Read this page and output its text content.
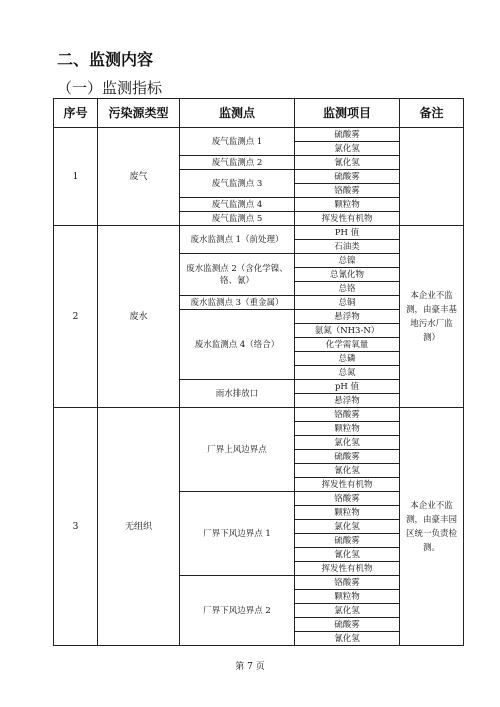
二、监测内容
（一）监测指标
序号	污染源类型	监测点	监测项目	备注
1	废气	废气监测点 1	硫酸雾	
			氯化氢	
		废气监测点 2	氰化氢	
		废气监测点 3	硫酸雾	
			铬酸雾	
		废气监测点 4	颗粒物	
		废气监测点 5	挥发性有机物	
2	废水	废水监测点 1（前处理）	PH 值	本企业不监测，由豪丰基地污水厂监测）
			石油类	
		废水监测点 2（含化学镍、铬、氰）	总镍	
			总氰化物	
			总铬	
		废水监测点 3（重金属）	总铜	
		废水监测点 4（络合）	悬浮物	
			氨氮（NH3-N）	
			化学需氧量	
			总磷	
			总氮	
		雨水排放口	pH 值	
			悬浮物	
3	无组织	厂界上风边界点	铬酸雾	本企业不监测，由豪丰园区统一负责检测。
			颗粒物	
			氯化氢	
			硫酸雾	
			氰化氢	
			挥发性有机物	
		厂界下风边界点 1	铬酸雾	
			颗粒物	
			氯化氢	
			硫酸雾	
			氰化氢	
			挥发性有机物	
		厂界下风边界点 2	铬酸雾	
			颗粒物	
			氯化氢	
			硫酸雾	
			氰化氢	
第 7 页
